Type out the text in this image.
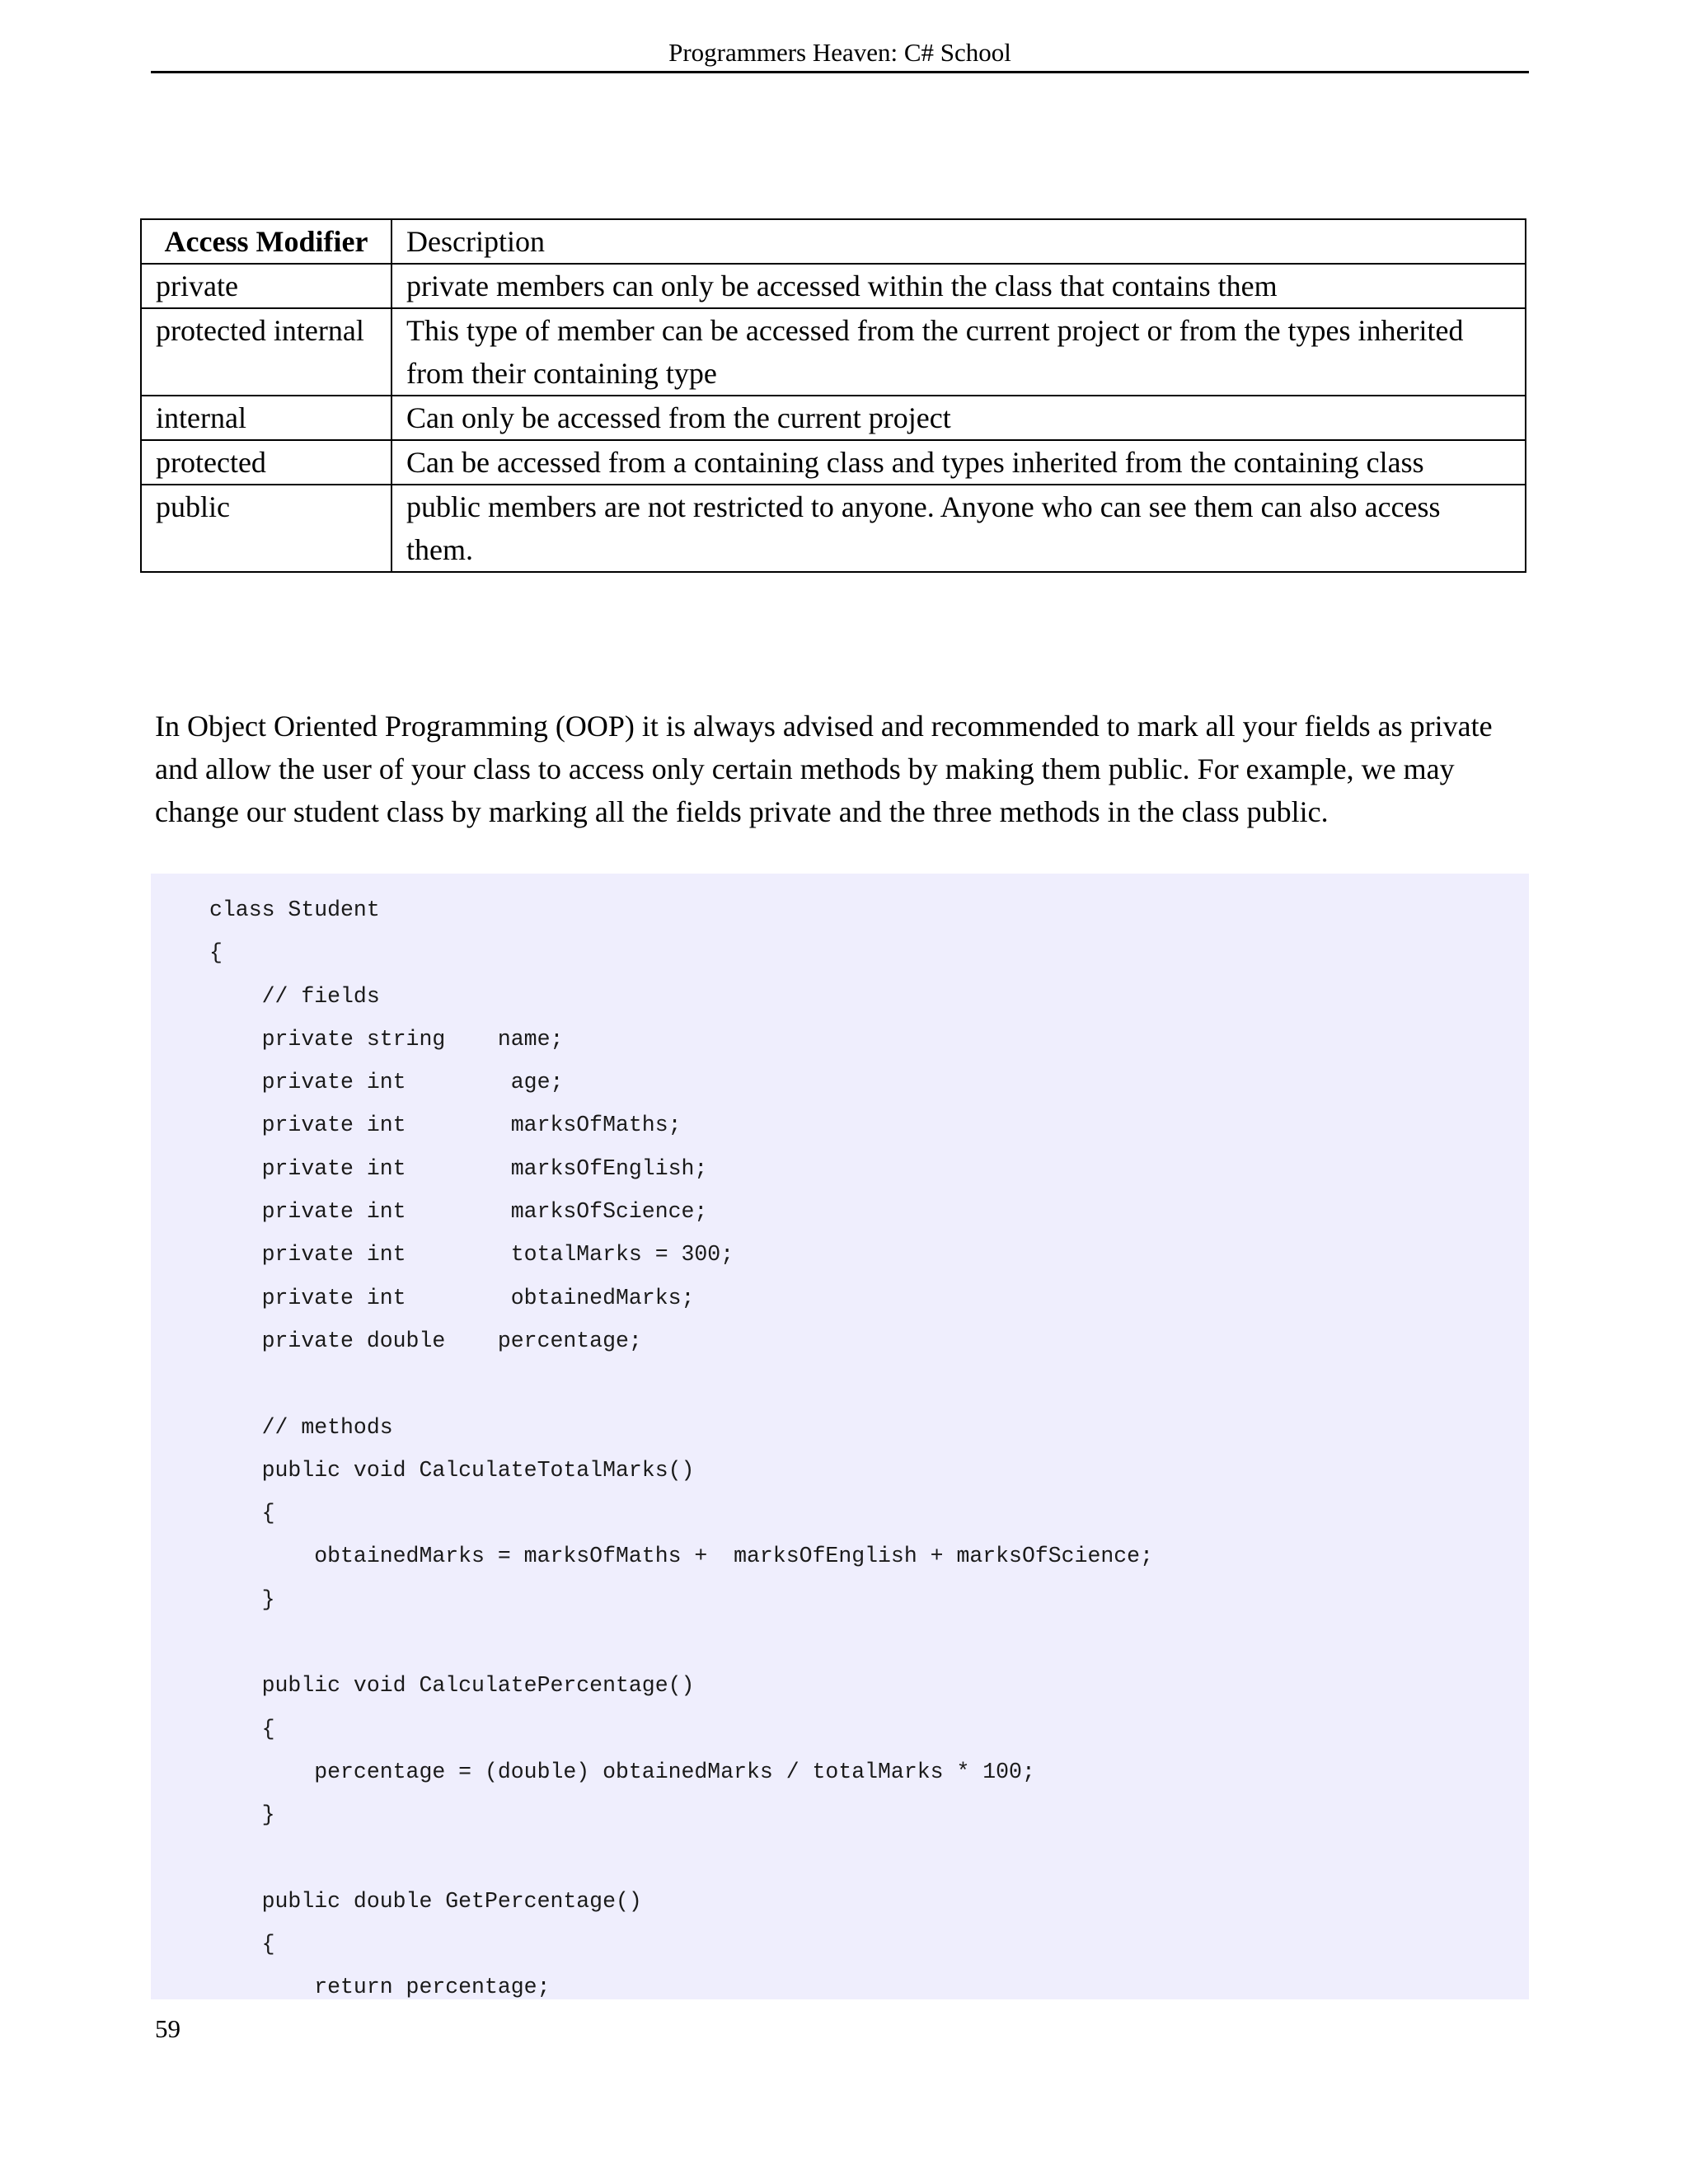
Programmers Heaven: C# School
Access Modifier	Description
private	private members can only be accessed within the class that contains them
protected internal	This type of member can be accessed from the current project or from the types inherited from their containing type
internal	Can only be accessed from the current project
protected	Can be accessed from a containing class and types inherited from the containing class
public	public members are not restricted to anyone. Anyone who can see them can also access them.

In Object Oriented Programming (OOP) it is always advised and recommended to mark all your fields as private and allow the user of your class to access only certain methods by making them public. For example, we may change our student class by marking all the fields private and the three methods in the class public.

class Student
{
// fields
private string    name;
private int        age;
private int        marksOfMaths;
private int        marksOfEnglish;
private int        marksOfScience;
private int        totalMarks = 300;
private int        obtainedMarks;
private double    percentage;
// methods
public void CalculateTotalMarks()
{
obtainedMarks = marksOfMaths +  marksOfEnglish + marksOfScience;
}
public void CalculatePercentage()
{
percentage = (double) obtainedMarks / totalMarks * 100;
}
public double GetPercentage()
{
return percentage;
59
